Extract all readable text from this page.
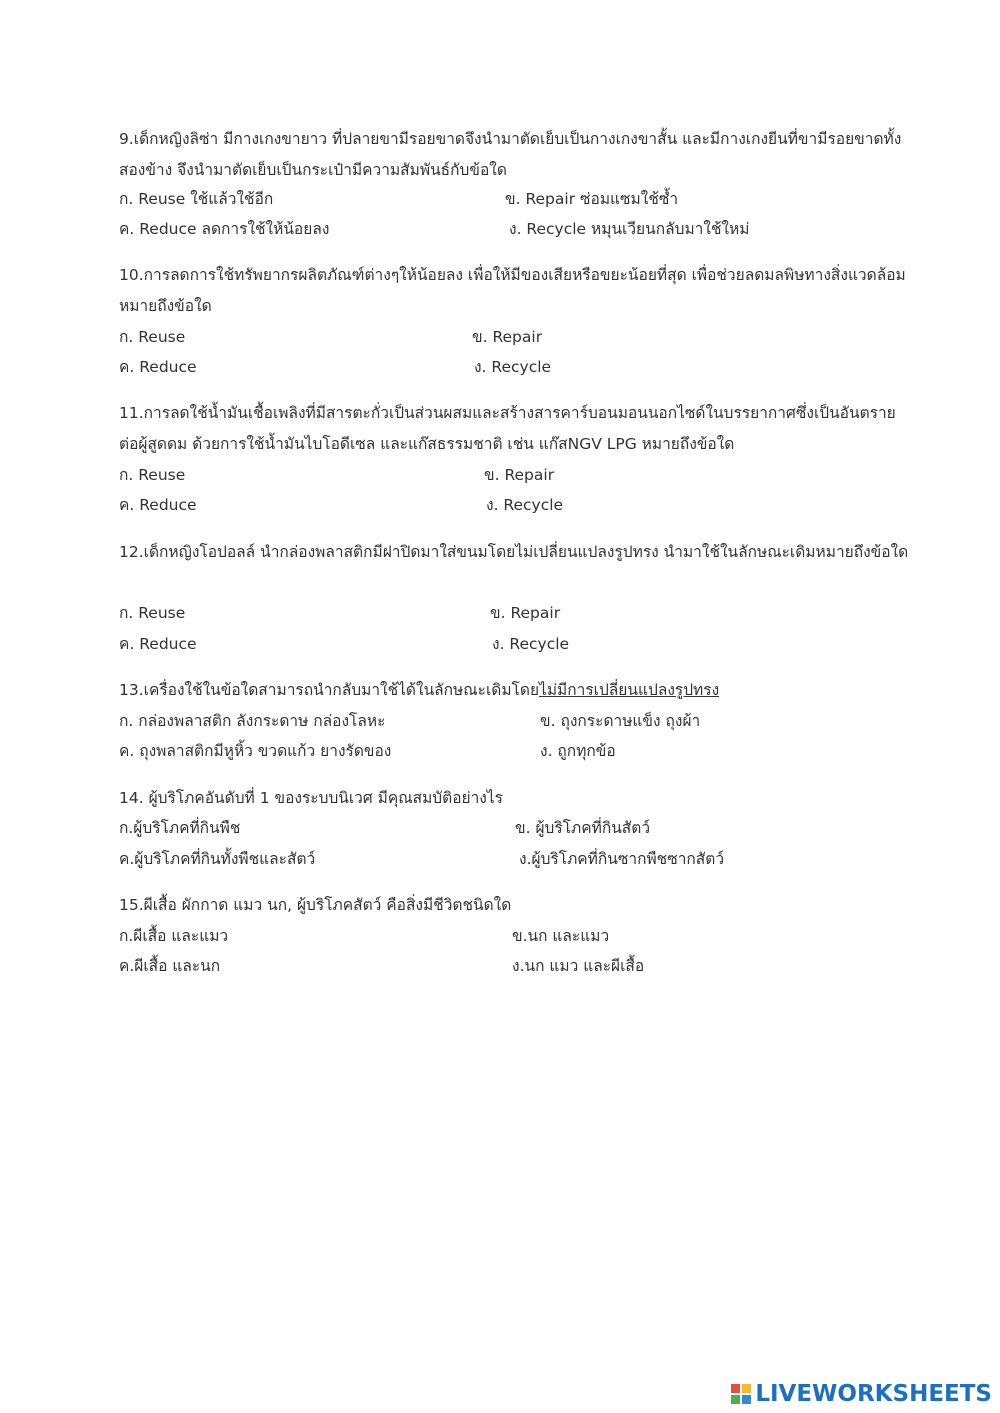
9.เด็กหญิงลิซ่า มีกางเกงขายาว ที่ปลายขามีรอยขาดจึงนำมาตัดเย็บเป็นกางเกงขาสั้น และมีกางเกงยีนที่ขามีรอยขาดทั้งสองข้าง จึงนำมาตัดเย็บเป็นกระเป๋ามีความสัมพันธ์กับข้อใด
ก. Reuse ใช้แล้วใช้อีก	ข. Repair ซ่อมแซมใช้ซ้ำ
ค. Reduce ลดการใช้ให้น้อยลง	ง. Recycle หมุนเวียนกลับมาใช้ใหม่
10.การลดการใช้ทรัพยากรผลิตภัณฑ์ต่างๆให้น้อยลง เพื่อให้มีของเสียหรือขยะน้อยที่สุด เพื่อช่วยลดมลพิษทางสิ่งแวดล้อมหมายถึงข้อใด
ก. Reuse	ข. Repair
ค. Reduce	ง. Recycle
11.การลดใช้น้ำมันเชื้อเพลิงที่มีสารตะกั่วเป็นส่วนผสมและสร้างสารคาร์บอนมอนนอกไซด์ในบรรยากาศซึ่งเป็นอันตรายต่อผู้สูดดม ด้วยการใช้น้ำมันไบโอดีเซล และแก๊สธรรมชาติ เช่น แก๊สNGV LPG หมายถึงข้อใด
ก. Reuse	ข. Repair
ค. Reduce	ง. Recycle
12.เด็กหญิงโอปอลล์ นำกล่องพลาสติกมีฝาปิดมาใส่ขนมโดยไม่เปลี่ยนแปลงรูปทรง นำมาใช้ในลักษณะเดิมหมายถึงข้อใด
ก. Reuse	ข. Repair
ค. Reduce	ง. Recycle
13.เครื่องใช้ในข้อใดสามารถนำกลับมาใช้ได้ในลักษณะเดิมโดยไม่มีการเปลี่ยนแปลงรูปทรง
ก. กล่องพลาสติก ลังกระดาษ กล่องโลหะ	ข. ถุงกระดาษแข็ง ถุงผ้า
ค. ถุงพลาสติกมีหูหิ้ว ขวดแก้ว ยางรัดของ	ง. ถูกทุกข้อ
14. ผู้บริโภคอันดับที่ 1 ของระบบนิเวศ มีคุณสมบัติอย่างไร
ก.ผู้บริโภคที่กินพืช	ข. ผู้บริโภคที่กินสัตว์
ค.ผู้บริโภคที่กินทั้งพืชและสัตว์	ง.ผู้บริโภคที่กินซากพืชซากสัตว์
15.ผีเสื้อ ผักกาด แมว นก, ผู้บริโภคสัตว์ คือสิ่งมีชีวิตชนิดใด
ก.ผีเสื้อ และแมว	ข.นก และแมว
ค.ผีเสื้อ และนก	ง.นก แมว และผีเสื้อ
LIVEWORKSHEETS
